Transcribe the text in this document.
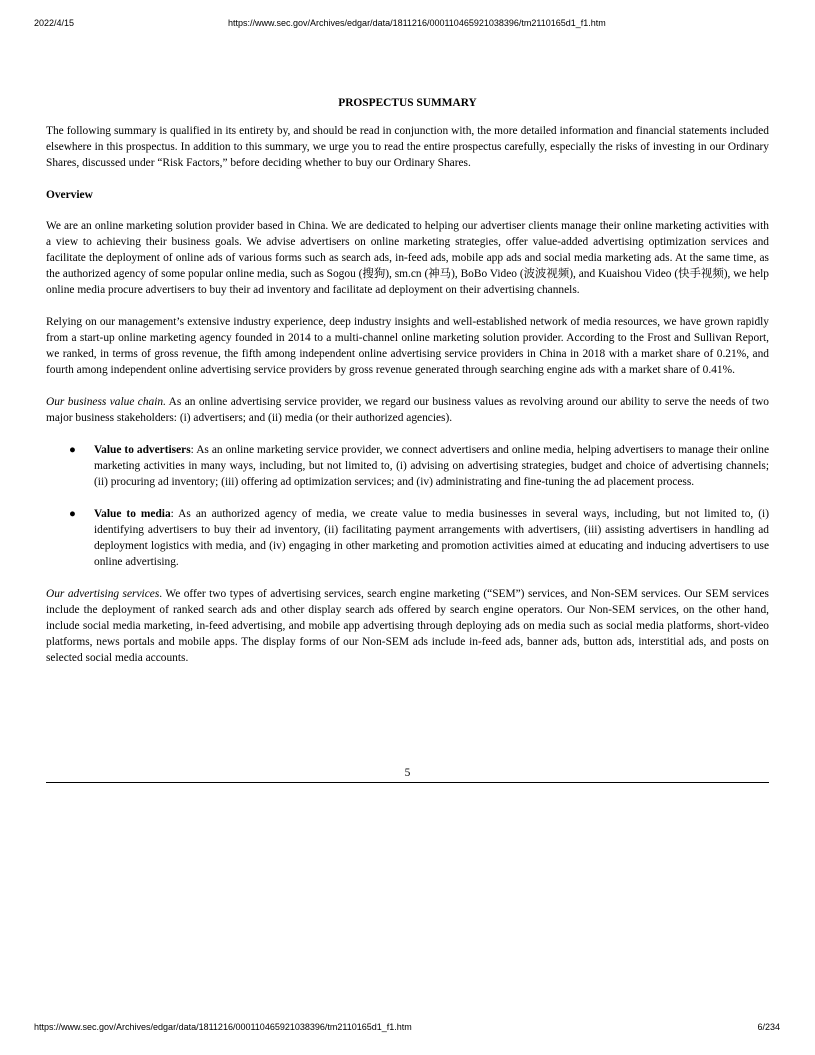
2022/4/15	https://www.sec.gov/Archives/edgar/data/1811216/000110465921038396/tm2110165d1_f1.htm
PROSPECTUS SUMMARY

The following summary is qualified in its entirety by, and should be read in conjunction with, the more detailed information and financial statements included elsewhere in this prospectus. In addition to this summary, we urge you to read the entire prospectus carefully, especially the risks of investing in our Ordinary Shares, discussed under “Risk Factors,” before deciding whether to buy our Ordinary Shares.

Overview

We are an online marketing solution provider based in China. We are dedicated to helping our advertiser clients manage their online marketing activities with a view to achieving their business goals. We advise advertisers on online marketing strategies, offer value-added advertising optimization services and facilitate the deployment of online ads of various forms such as search ads, in-feed ads, mobile app ads and social media marketing ads. At the same time, as the authorized agency of some popular online media, such as Sogou (搜狗), sm.cn (神马), BoBo Video (波波视频), and Kuaishou Video (快手视频), we help online media procure advertisers to buy their ad inventory and facilitate ad deployment on their advertising channels.

Relying on our management’s extensive industry experience, deep industry insights and well-established network of media resources, we have grown rapidly from a start-up online marketing agency founded in 2014 to a multi-channel online marketing solution provider. According to the Frost and Sullivan Report, we ranked, in terms of gross revenue, the fifth among independent online advertising service providers in China in 2018 with a market share of 0.21%, and fourth among independent online advertising service providers by gross revenue generated through searching engine ads with a market share of 0.41%.

Our business value chain. As an online advertising service provider, we regard our business values as revolving around our ability to serve the needs of two major business stakeholders: (i) advertisers; and (ii) media (or their authorized agencies).

● Value to advertisers: As an online marketing service provider, we connect advertisers and online media, helping advertisers to manage their online marketing activities in many ways, including, but not limited to, (i) advising on advertising strategies, budget and choice of advertising channels; (ii) procuring ad inventory; (iii) offering ad optimization services; and (iv) administrating and fine-tuning the ad placement process.
● Value to media: As an authorized agency of media, we create value to media businesses in several ways, including, but not limited to, (i) identifying advertisers to buy their ad inventory, (ii) facilitating payment arrangements with advertisers, (iii) assisting advertisers in handling ad deployment logistics with media, and (iv) engaging in other marketing and promotion activities aimed at educating and inducing advertisers to use online advertising.

Our advertising services. We offer two types of advertising services, search engine marketing (“SEM”) services, and Non-SEM services. Our SEM services include the deployment of ranked search ads and other display search ads offered by search engine operators. Our Non-SEM services, on the other hand, include social media marketing, in-feed advertising, and mobile app advertising through deploying ads on media such as social media platforms, short-video platforms, news portals and mobile apps. The display forms of our Non-SEM ads include in-feed ads, banner ads, button ads, interstitial ads, and posts on selected social media accounts.

5
https://www.sec.gov/Archives/edgar/data/1811216/000110465921038396/tm2110165d1_f1.htm	6/234
